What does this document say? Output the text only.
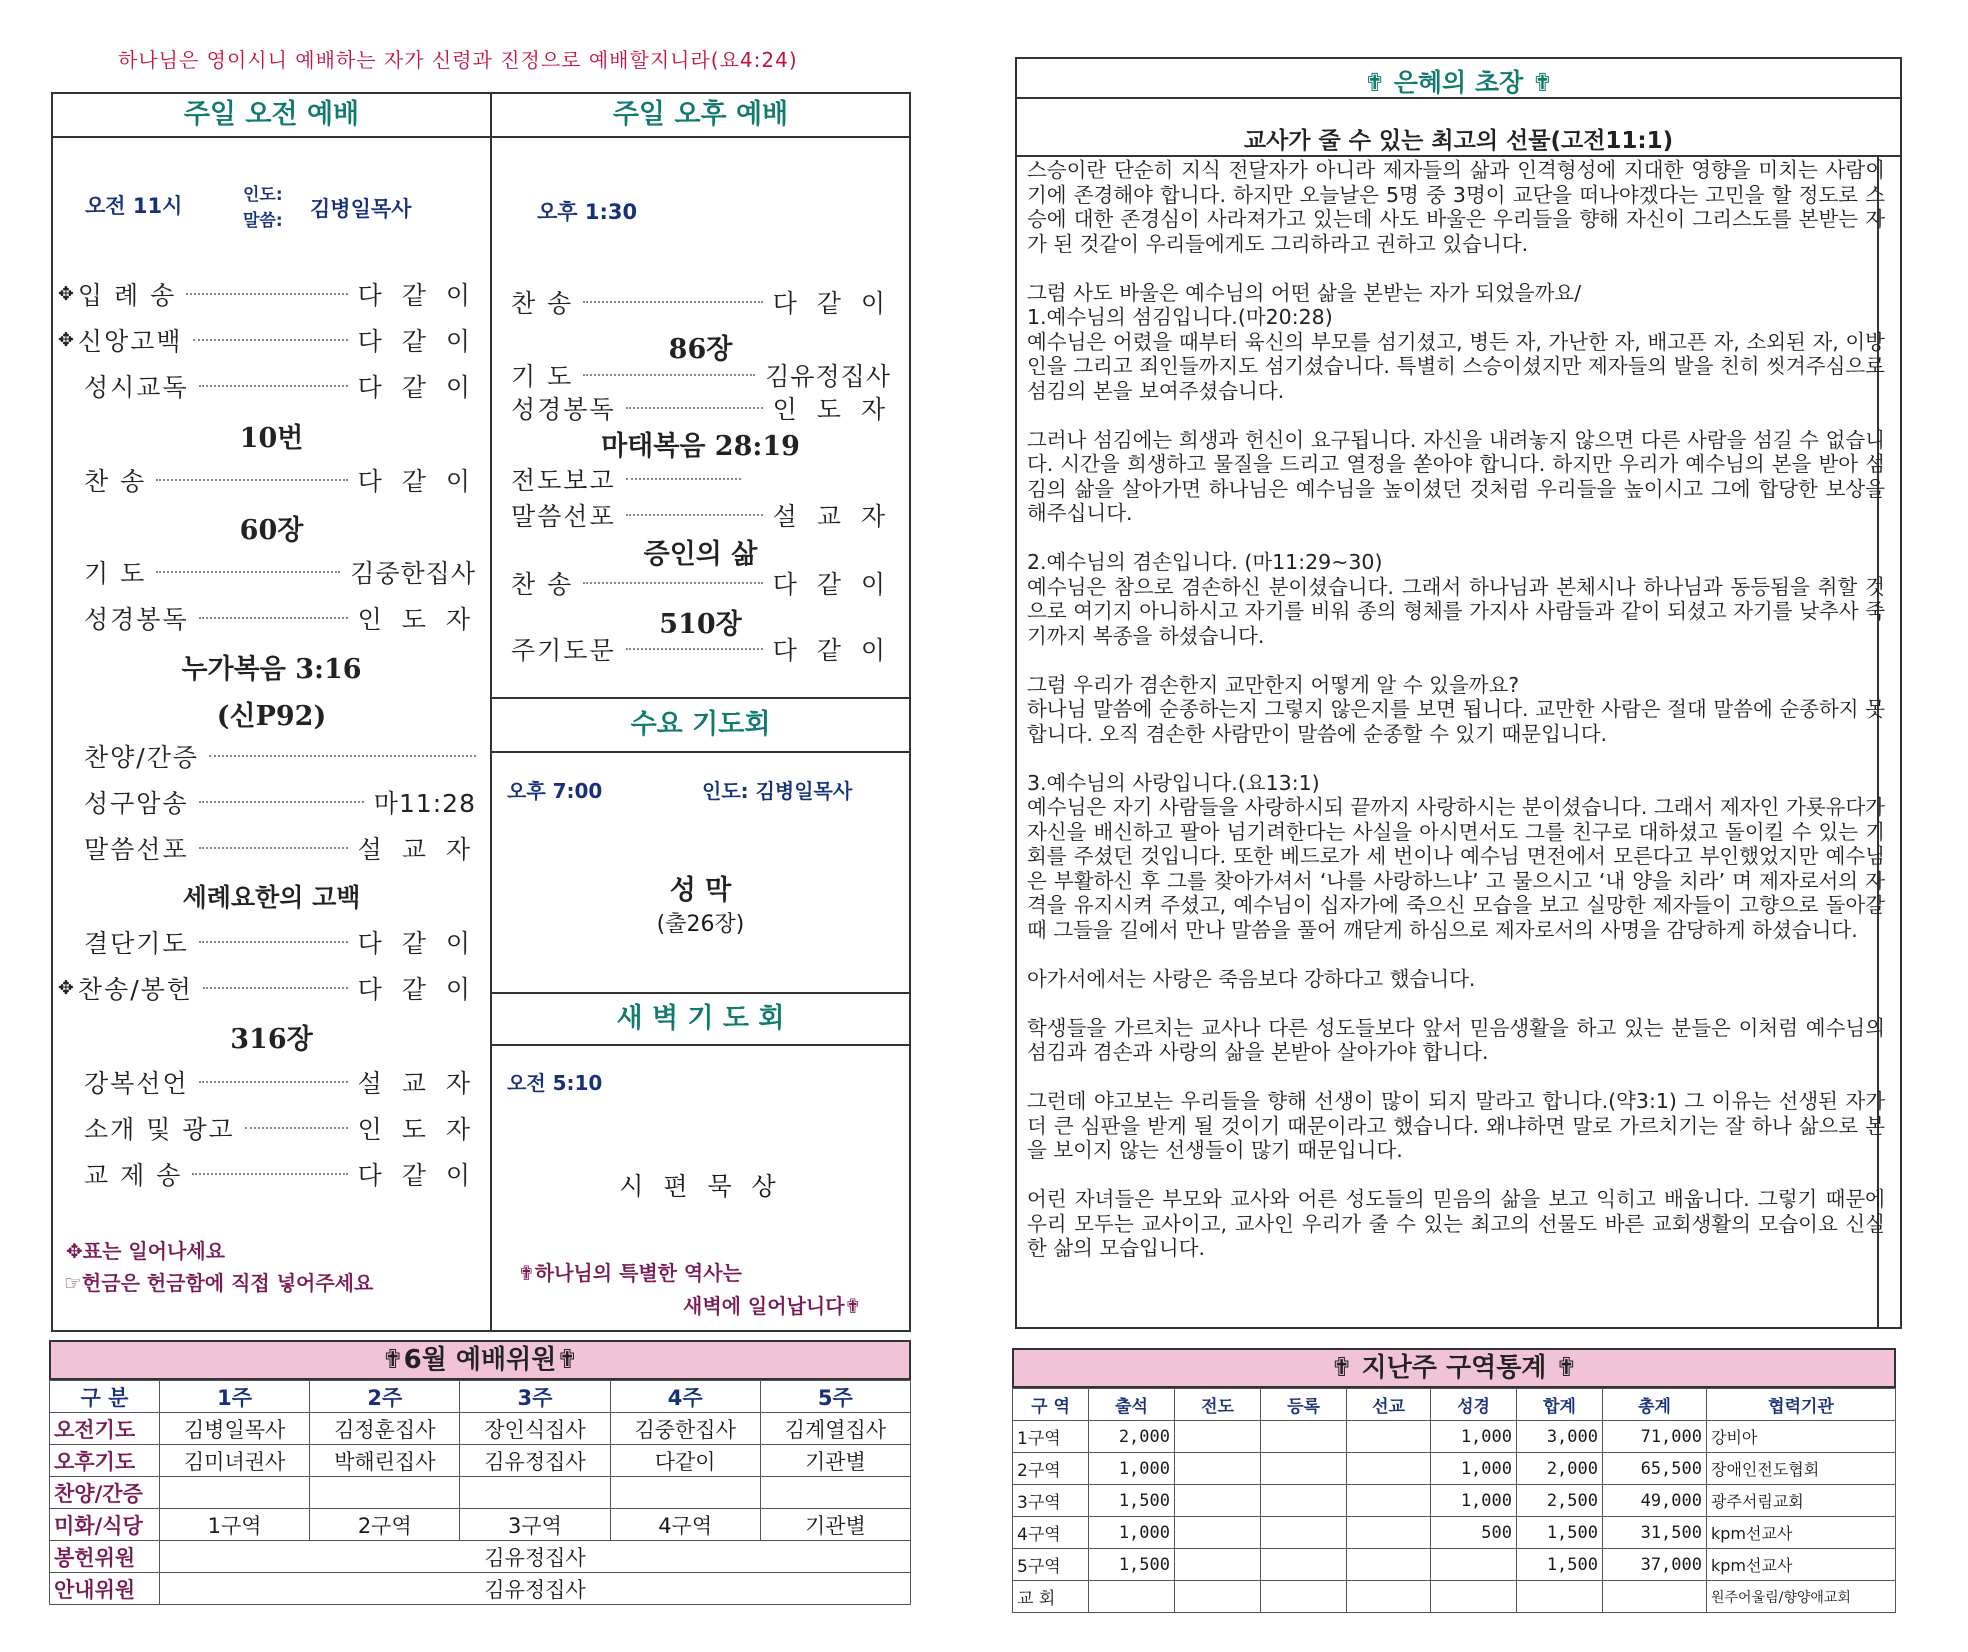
하나님은 영이시니 예배하는 자가 신령과 진정으로 예배할지니라(요4:24)
주일 오전 예배
오전 11시	인도:
말씀: 김병일목사
✥ 입 례 송	다 같 이
✥ 신앙고백	다 같 이
성시교독	다 같 이
찬 송	다 같 이
기 도	김중한집사
성경봉독	인 도 자
찬양/간증
성구암송	마11:28
말씀선포	설 교 자
결단기도	다 같 이
✥ 찬송/봉헌	다 같 이
강복선언	설 교 자
소개 및 광고	인 도 자
교 제 송	다 같 이
10번
60장
누가복음 3:16
(신P92)
세례요한의 고백
316장
✥표는 일어나세요
☞헌금은 헌금함에 직접 넣어주세요
주일 오후 예배
오후 1:30
찬 송	다 같 이
기 도	김유정집사
성경봉독	인 도 자
전도보고
말씀선포	설 교 자
찬 송	다 같 이
주기도문	다 같 이
86장
마태복음 28:19
증인의 삶
510장
수요 기도회
오후 7:00	인도: 김병일목사
성 막
(출26장)
새 벽 기 도 회
오전 5:10
시 편 묵 상
✟하나님의 특별한 역사는
새벽에 일어납니다✟
✟6월 예배위원✟
구 분	1주	2주	3주	4주	5주
오전기도	김병일목사	김정훈집사	장인식집사	김중한집사	김계열집사
오후기도	김미녀권사	박해린집사	김유정집사	다같이	기관별
찬양/간증					
미화/식당	1구역	2구역	3구역	4구역	기관별
봉헌위원	김유정집사				
안내위원	김유정집사				
✟ 은혜의 초장 ✟
교사가 줄 수 있는 최고의 선물(고전11:1)

스승이란 단순히 지식 전달자가 아니라 제자들의 삶과 인격형성에 지대한 영향을 미치는 사람이기에 존경해야 합니다. 하지만 오늘날은 5명 중 3명이 교단을 떠나야겠다는 고민을 할 정도로 스승에 대한 존경심이 사라져가고 있는데 사도 바울은 우리들을 향해 자신이 그리스도를 본받는 자가 된 것같이 우리들에게도 그리하라고 권하고 있습니다.

그럼 사도 바울은 예수님의 어떤 삶을 본받는 자가 되었을까요/
1.예수님의 섬김입니다.(마20:28)
예수님은 어렸을 때부터 육신의 부모를 섬기셨고, 병든 자, 가난한 자, 배고픈 자, 소외된 자, 이방인을 그리고 죄인들까지도 섬기셨습니다. 특별히 스승이셨지만 제자들의 발을 친히 씻겨주심으로 섬김의 본을 보여주셨습니다.

그러나 섬김에는 희생과 헌신이 요구됩니다. 자신을 내려놓지 않으면 다른 사람을 섬길 수 없습니다. 시간을 희생하고 물질을 드리고 열정을 쏟아야 합니다. 하지만 우리가 예수님의 본을 받아 섬김의 삶을 살아가면 하나님은 예수님을 높이셨던 것처럼 우리들을 높이시고 그에 합당한 보상을 해주십니다.

2.예수님의 겸손입니다. (마11:29~30)
예수님은 참으로 겸손하신 분이셨습니다. 그래서 하나님과 본체시나 하나님과 동등됨을 취할 것으로 여기지 아니하시고 자기를 비워 종의 형체를 가지사 사람들과 같이 되셨고 자기를 낮추사 죽기까지 복종을 하셨습니다.

그럼 우리가 겸손한지 교만한지 어떻게 알 수 있을까요?
하나님 말씀에 순종하는지 그렇지 않은지를 보면 됩니다. 교만한 사람은 절대 말씀에 순종하지 못합니다. 오직 겸손한 사람만이 말씀에 순종할 수 있기 때문입니다.

3.예수님의 사랑입니다.(요13:1)
예수님은 자기 사람들을 사랑하시되 끝까지 사랑하시는 분이셨습니다. 그래서 제자인 가룟유다가 자신을 배신하고 팔아 넘기려한다는 사실을 아시면서도 그를 친구로 대하셨고 돌이킬 수 있는 기회를 주셨던 것입니다. 또한 베드로가 세 번이나 예수님 면전에서 모른다고 부인했었지만 예수님은 부활하신 후 그를 찾아가셔서 ‘나를 사랑하느냐’ 고 물으시고 ‘내 양을 치라’ 며 제자로서의 자격을 유지시켜 주셨고, 예수님이 십자가에 죽으신 모습을 보고 실망한 제자들이 고향으로 돌아갈 때 그들을 길에서 만나 말씀을 풀어 깨닫게 하심으로 제자로서의 사명을 감당하게 하셨습니다.

아가서에서는 사랑은 죽음보다 강하다고 했습니다.

학생들을 가르치는 교사나 다른 성도들보다 앞서 믿음생활을 하고 있는 분들은 이처럼 예수님의 섬김과 겸손과 사랑의 삶을 본받아 살아가야 합니다.

그런데 야고보는 우리들을 향해 선생이 많이 되지 말라고 합니다.(약3:1) 그 이유는 선생된 자가 더 큰 심판을 받게 될 것이기 때문이라고 했습니다. 왜냐하면 말로 가르치기는 잘 하나 삶으로 본을 보이지 않는 선생들이 많기 때문입니다.

어린 자녀들은 부모와 교사와 어른 성도들의 믿음의 삶을 보고 익히고 배웁니다. 그렇기 때문에 우리 모두는 교사이고, 교사인 우리가 줄 수 있는 최고의 선물도 바른 교회생활의 모습이요 신실한 삶의 모습입니다.

✟ 지난주 구역통계 ✟
구 역	출석	전도	등록	선교	성경	합계	총계	협력기관
1구역	2,000				1,000	3,000	71,000	강비아
2구역	1,000				1,000	2,000	65,500	장애인전도협회
3구역	1,500				1,000	2,500	49,000	광주서림교회
4구역	1,000				500	1,500	31,500	kpm선교사
5구역	1,500					1,500	37,000	kpm선교사
교 회								원주어울림/향양애교회
